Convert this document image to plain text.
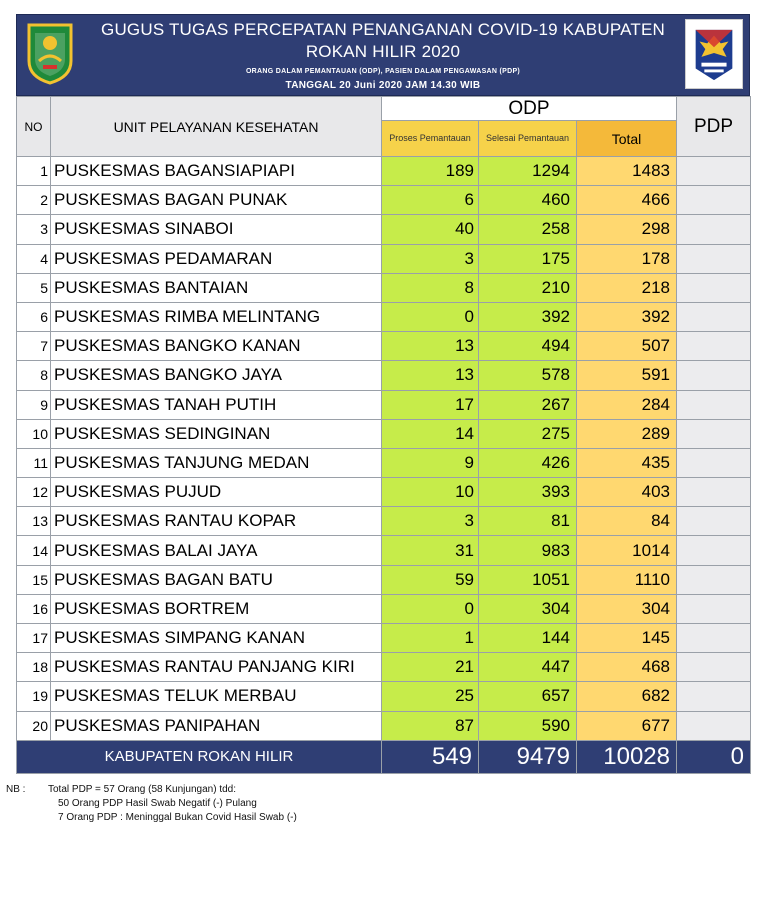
GUGUS TUGAS PERCEPATAN PENANGANAN COVID-19 KABUPATEN
ROKAN HILIR 2020
ORANG DALAM PEMANTAUAN (ODP), PASIEN DALAM PENGAWASAN (PDP)
TANGGAL 20 Juni 2020 JAM 14.30 WIB
NO	UNIT PELAYANAN KESEHATAN	ODP			PDP
		Proses Pemantauan	Selesai Pemantauan	Total	
1	PUSKESMAS BAGANSIAPIAPI	189	1294	1483	
2	PUSKESMAS BAGAN PUNAK	6	460	466	
3	PUSKESMAS SINABOI	40	258	298	
4	PUSKESMAS PEDAMARAN	3	175	178	
5	PUSKESMAS BANTAIAN	8	210	218	
6	PUSKESMAS RIMBA MELINTANG	0	392	392	
7	PUSKESMAS BANGKO KANAN	13	494	507	
8	PUSKESMAS BANGKO JAYA	13	578	591	
9	PUSKESMAS TANAH PUTIH	17	267	284	
10	PUSKESMAS SEDINGINAN	14	275	289	
11	PUSKESMAS TANJUNG MEDAN	9	426	435	
12	PUSKESMAS PUJUD	10	393	403	
13	PUSKESMAS RANTAU KOPAR	3	81	84	
14	PUSKESMAS BALAI JAYA	31	983	1014	
15	PUSKESMAS BAGAN BATU	59	1051	1110	
16	PUSKESMAS BORTREM	0	304	304	
17	PUSKESMAS SIMPANG KANAN	1	144	145	
18	PUSKESMAS RANTAU PANJANG KIRI	21	447	468	
19	PUSKESMAS TELUK MERBAU	25	657	682	
20	PUSKESMAS PANIPAHAN	87	590	677	
KABUPATEN ROKAN HILIR		549	9479	10028	0
NB :	Total PDP = 57 Orang (58 Kunjungan) tdd:
50 Orang PDP Hasil Swab Negatif (-) Pulang
7 Orang PDP : Meninggal Bukan Covid Hasil Swab (-)
